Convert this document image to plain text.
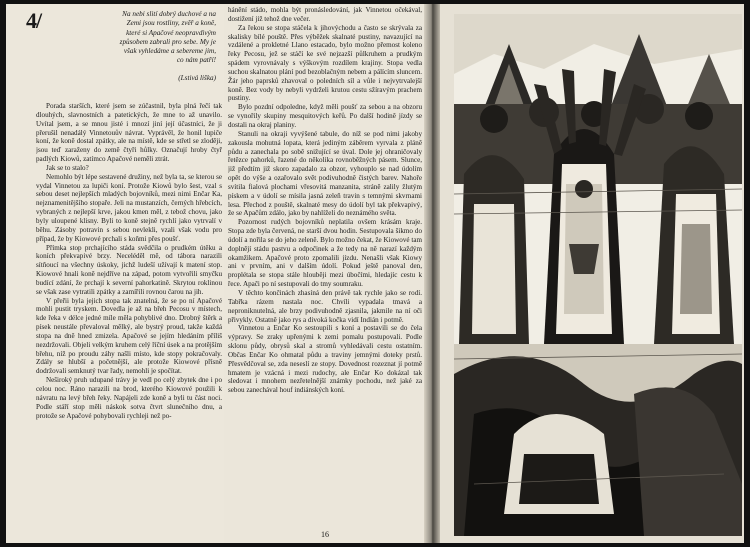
4/	Na nebi slití dobrý duchové a na
Zemi jsou rostliny, zvěř a koně,
které si Apačové neopravdivým
způsobem zabrali pro sebe. My je
však vyhledáme a sebereme jim,
co nám patří!
(Lstivá liška)

Porada starších, které jsem se zúčastnil, byla plná řečí tak dlouhých, slavnostních a patetických, že mne to až unavilo. Uvítal jsem, a se mnou jisté i mnozí jiní její účastníci, že ji přerušil nenadálý Vinnetouův návrat. Vyprávěl, že honil lupiče koní, že koně dostal zpátky, ale na místě, kde se střetl se zloději, jsou teď zaraženy do země čtyři hůlky. Označují hroby čtyř padlých Kiowů, zatímco Apačové neměli ztrát.

Jak se to stalo?

Nemohlo být lépe sestavené družiny, než byla ta, se kterou se vydal Vinnetou za lupiči koní. Protože Kiowů bylo šest, vzal s sebou deset nejlepších mladých bojovníků, mezi nimi Enčar Ka, nejznamenitějšího stopaře. Jeli na mustanzích, černých hřebcích, vybraných z nejlepší krve, jakou kmen měl, z tebož chovu, jako byly uloupené klisny. Byli to koně stejně rychlí jako vytrvalí v běhu. Zásoby potravin s sebou nevlekli, vzali však vodu pro případ, že by Kiowové prchali s koňmi přes poušť.

Přímka stop prchajícího stáda svědčila o prudkém útěku a koních překvapivé brzy. Neceléděl mě, od tábora narazili sítňoucí na všechny úskoky, jichž ludeší užívají k matení stop. Kiowové hnali koně nejdříve na západ, potom vytvořili smyčku budící zdání, že prchají k severní pahorkatině. Skrytou roklinou se však zase vytratili zpátky a zamířili rovnou čarou na jih.

V přeřii byla jejich stopa tak znatelná, že se po ní Apačové mohli pustit tryskem. Dovedla je až na břeh Pecosu v místech, kde řeka v délce jedné míle měla pohyblivé dno. Drobný štěrk a písek neustále převaloval mělký, ale bystrý proud, takže každá stopa na dně hned zmizela. Apačové se jejím hledáním příliš nezdržovali. Objeli velkým kruhem celý říční úsek a na protějším břehu, níž po proudu záhy našli místo, kde stopy pokračovaly. Zdály se hlubší a početnější, ale protože Kiowové přísně dodržovali semknutý tvar řady, nemohli je spočítat.

Neširoký pruh udupané trávy je vedl po celý zbytek dne i po celou noc. Ráno narazili na brod, kterého Kiowové použili k návratu na levý břeh řeky. Napájeli zde koně a byli tu část noci. Podle stáří stop měli náskok sotva čtvrt slunečního dnu, a protože se Apačové pohybovali rychleji než po-

hánění stádo, mohla být pronásledování, jak Vinnetou očekával, dostižení již tehož dne večer.

Za řekou se stopa stáčela k jihovýchodu a často se skrývala za skalisky bílé pouště. Přes výběžek skalnaté pustiny, navazující na vzdálené a prokletné Llano estacado, bylo možno přemost koleno řeky Pecosu, jež se stáčí ke své nejzazší půlkruhem a prudkým spádem vyrovnávaly s výškovým rozdílem krajiny. Stopa vedla suchou skalnatou plání pod bezoblačným nebem a pálícím sluncem. Žár jeho paprsků zhavoval o poledních síl a vůle i nejvytrvalejší koně. Bez vody by nebyli vydrželi krutou cestu sžíravým prachem pustiny.

Bylo pozdní odpoledne, když měli poušť za sebou a na obzoru se vynořily skupiny mesquitových keřů. Po další hodině jízdy se dostali na okraj planiny.

Stanuli na okraji vyvýšené tabule, do níž se pod nimi jakoby zakousla mohutná lopata, která jediným záběrem vyrvala z pláně půdu a zanechala po sobě snižující se úval. Dole jej ohraničovaly řetězce pahorků, řazené do několika rovnoběžných pásem. Slunce, již předtím již skoro zapadalo za obzor, vyhouplo se nad údolím opět do výše a ozařovalo svět podivuhodně čistých barev. Nahoře svítila fialová plochami vřesovitá manzanita, stráně zalily žlutým pískem a v údolí se mísila jasná zeleň travin s temnými skvrnami lesa. Přechod z pouště, skalnaté mesy do údolí byl tak překvapivý, že se Apačům zdálo, jako by nahlíželi do neznámého světa.

Pozornost rudých bojovníků neplatila ovšem krásám kraje. Stopa zde byla červená, ne starší dvou hodin. Sestupovala šikmo do údolí a nořila se do jeho zeleně. Bylo možno čekat, že Kiowové tam doplnějí stádu pastvu a odpočinek a že tedy na ně narazí každým okamžikem. Apačové proto zpomalili jízdu. Nenašli však Kiowy ani v prvním, ani v dalším údolí. Pokud ještě panoval den, proplétala se stopa stále hlouběji mezi úbočími, hledajíc cestu k řece. Apači po ní sestupovali do tmy soumraku.

V těchto končinách zhasíná den právě tak rychle jako se rodí. Tabřka rázem nastala noc. Chvíli vypadala tmavá a neproniknutelná, ale brzy podivuhodně zjasnila, jakmile na ní oči přivykly. Ostatně jako rys a divoká kočka vidí Indián i potmě.

Vinnetou a Enčar Ko sestoupili s koní a postavili se do čela výpravy. Se zraky upřenými k zemi pomalu postupovali. Podle sklonu půdy, obrysů skal a stromů vyhledávali cestu ostatním. Občas Enčar Ko ohmatal půdu a traviny jemnými doteky prstů. Přesvědčoval se, zda neseslí ze stopy. Dovednost rozeznat jí potmě hmatem je vzácná i mezi rudochy, ale Enčar Ko dokázal tak sledovat i mnohem nezřetelnější známky pochodu, než jaké za sebou zanechával houf indiánských koní.

16
